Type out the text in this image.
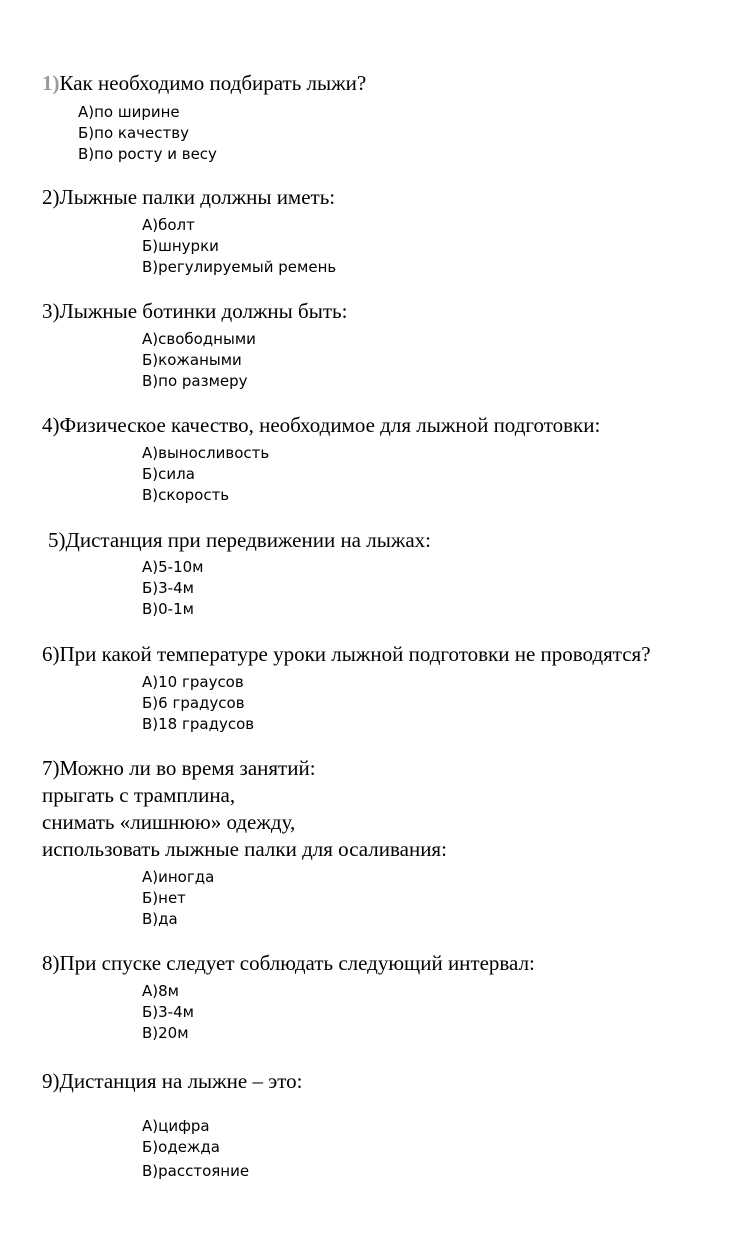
1)Как необходимо подбирать лыжи?
А)по ширине
Б)по качеству
В)по росту и весу
2)Лыжные палки должны иметь:
А)болт
Б)шнурки
В)регулируемый ремень
3)Лыжные ботинки должны быть:
А)свободными
Б)кожаными
В)по размеру
4)Физическое качество, необходимое для лыжной подготовки:
А)выносливость
Б)сила
В)скорость
5)Дистанция при передвижении на лыжах:
А)5-10м
Б)3-4м
В)0-1м
6)При какой температуре уроки лыжной подготовки не проводятся?
А)10 граусов
Б)6 градусов
В)18 градусов
7)Можно ли во время занятий:
прыгать с трамплина,
снимать «лишнюю» одежду,
использовать лыжные палки для осаливания:
А)иногда
Б)нет
В)да
8)При спуске следует соблюдать следующий интервал:
А)8м
Б)3-4м
В)20м
9)Дистанция на лыжне – это:
А)цифра
Б)одежда
В)расстояние
